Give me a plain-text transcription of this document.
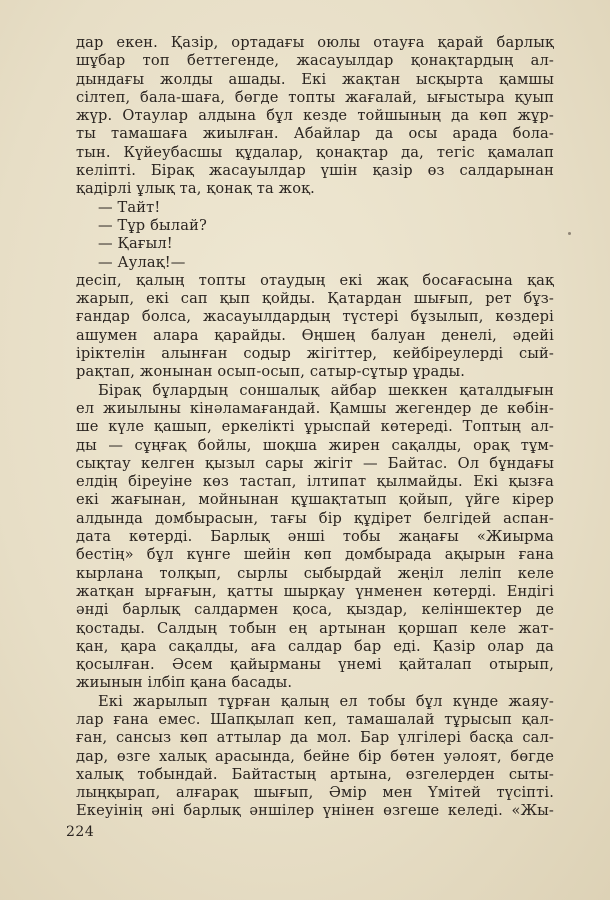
дар екен. Қазір, ортадағы оюлы отауға қарай барлық
шұбар топ беттегенде, жасауылдар қонақтардың ал-
дындағы жолды ашады. Екі жақтан ысқырта қамшы
сілтеп, бала-шаға, бөгде топты жағалай, ығыстыра қуып
жүр. Отаулар алдына бұл кезде тойшының да көп жұр-
ты тамашаға жиылған. Абайлар да осы арада бола-
тын. Күйеубасшы құдалар, қонақтар да, тегіс қамалап
келіпті. Бірақ жасауылдар үшін қазір өз салдарынан
қадірлі ұлық та, қонақ та жоқ.
— Тайт!
— Тұр былай?
— Қағыл!
— Аулақ!—
десіп, қалың топты отаудың екі жақ босағасына қақ
жарып, екі сап қып қойды. Қатардан шығып, рет бұз-
ғандар болса, жасауылдардың түстері бұзылып, көздері
ашумен алара қарайды. Өңшең балуан денелі, әдейі
іріктелін алынған содыр жігіттер, кейбіреулерді сый-
рақтап, жонынан осып-осып, сатыр-сұтыр ұрады.
Бірақ бұлардың соншалық айбар шеккен қаталдығын
ел жиылыны кінәламағандай. Қамшы жегендер де көбін-
ше күле қашып, еркелікті ұрыспай көтереді. Топтың ал-
ды — сұңғақ бойлы, шоқша жирен сақалды, орақ тұм-
сықтау келген қызыл сары жігіт — Байтас. Ол бұндағы
елдің біреуіне көз тастап, ілтипат қылмайды. Екі қызға
екі жағынан, мойнынан құшақтатып қойып, үйге кірер
алдында домбырасын, тағы бір құдірет белгідей аспан-
дата көтерді. Барлық әнші тобы жаңағы «Жиырма
бестің» бұл күнге шейін көп домбырада ақырын ғана
кырлана толқып, сырлы сыбырдай жеңіл леліп келе
жатқан ырғағын, қатты шырқау үнменен көтерді. Ендігі
әнді барлық салдармен қоса, қыздар, келіншектер де
қостады. Салдың тобын ең артынан қоршап келе жат-
қан, қара сақалды, аға салдар бар еді. Қазір олар да
қосылған. Әсем қайырманы үнемі қайталап отырып,
жиынын ілбіп қана басады.
Екі жарылып тұрған қалың ел тобы бұл күнде жаяу-
лар ғана емес. Шапқылап кеп, тамашалай тұрысып қал-
ған, сансыз көп аттылар да мол. Бар үлгілері басқа сал-
дар, өзге халық арасында, бейне бір бөтен уәлоят, бөгде
халық тобындай. Байтастың артына, өзгелерден сыты-
лыңқырап, алғарақ шығып, Әмір мен Үмітей түсіпті.
Екеуінің әні барлық әншілер үнінен өзгеше келеді. «Жы-
224
